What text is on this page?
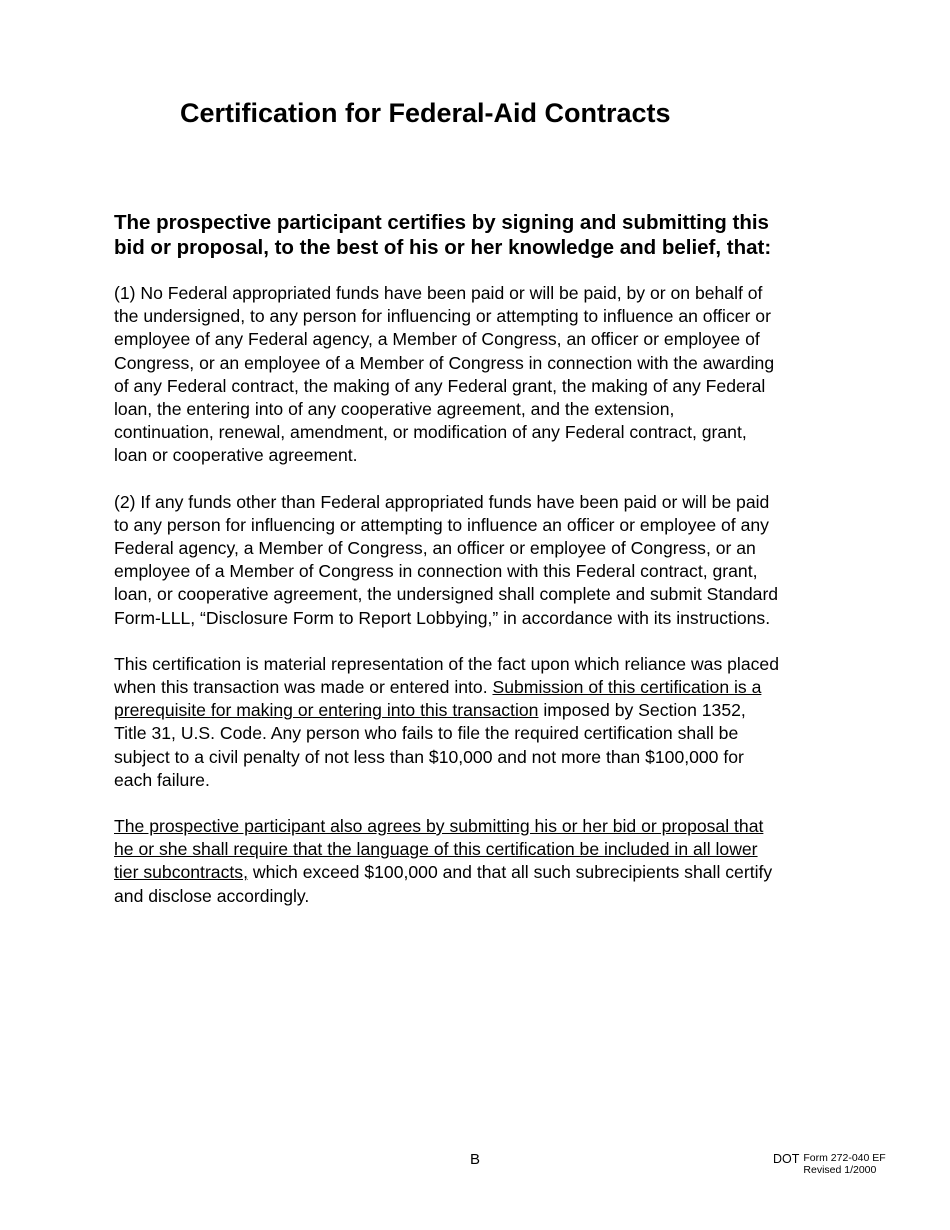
Certification for Federal-Aid Contracts

The prospective participant certifies by signing and submitting this bid or proposal, to the best of his or her knowledge and belief, that:

(1) No Federal appropriated funds have been paid or will be paid, by or on behalf of the undersigned, to any person for influencing or attempting to influence an officer or employee of any Federal agency, a Member of Congress, an officer or employee of Congress, or an employee of a Member of Congress in connection with the awarding of any Federal contract, the making of any Federal grant, the making of any Federal loan, the entering into of any cooperative agreement, and the extension, continuation, renewal, amendment, or modification of any Federal contract, grant, loan or cooperative agreement.

(2) If any funds other than Federal appropriated funds have been paid or will be paid to any person for influencing or attempting to influence an officer or employee of any Federal agency, a Member of Congress, an officer or employee of Congress, or an employee of a Member of Congress in connection with this Federal contract, grant, loan, or cooperative agreement, the undersigned shall complete and submit Standard Form-LLL, “Disclosure Form to Report Lobbying,” in accordance with its instructions.

This certification is material representation of the fact upon which reliance was placed when this transaction was made or entered into. Submission of this certification is a prerequisite for making or entering into this transaction imposed by Section 1352, Title 31, U.S. Code. Any person who fails to file the required certification shall be subject to a civil penalty of not less than $10,000 and not more than $100,000 for each failure.

The prospective participant also agrees by submitting his or her bid or proposal that he or she shall require that the language of this certification be included in all lower tier subcontracts, which exceed $100,000 and that all such subrecipients shall certify and disclose accordingly.

B	DOT Form 272-040 EF
Revised 1/2000
